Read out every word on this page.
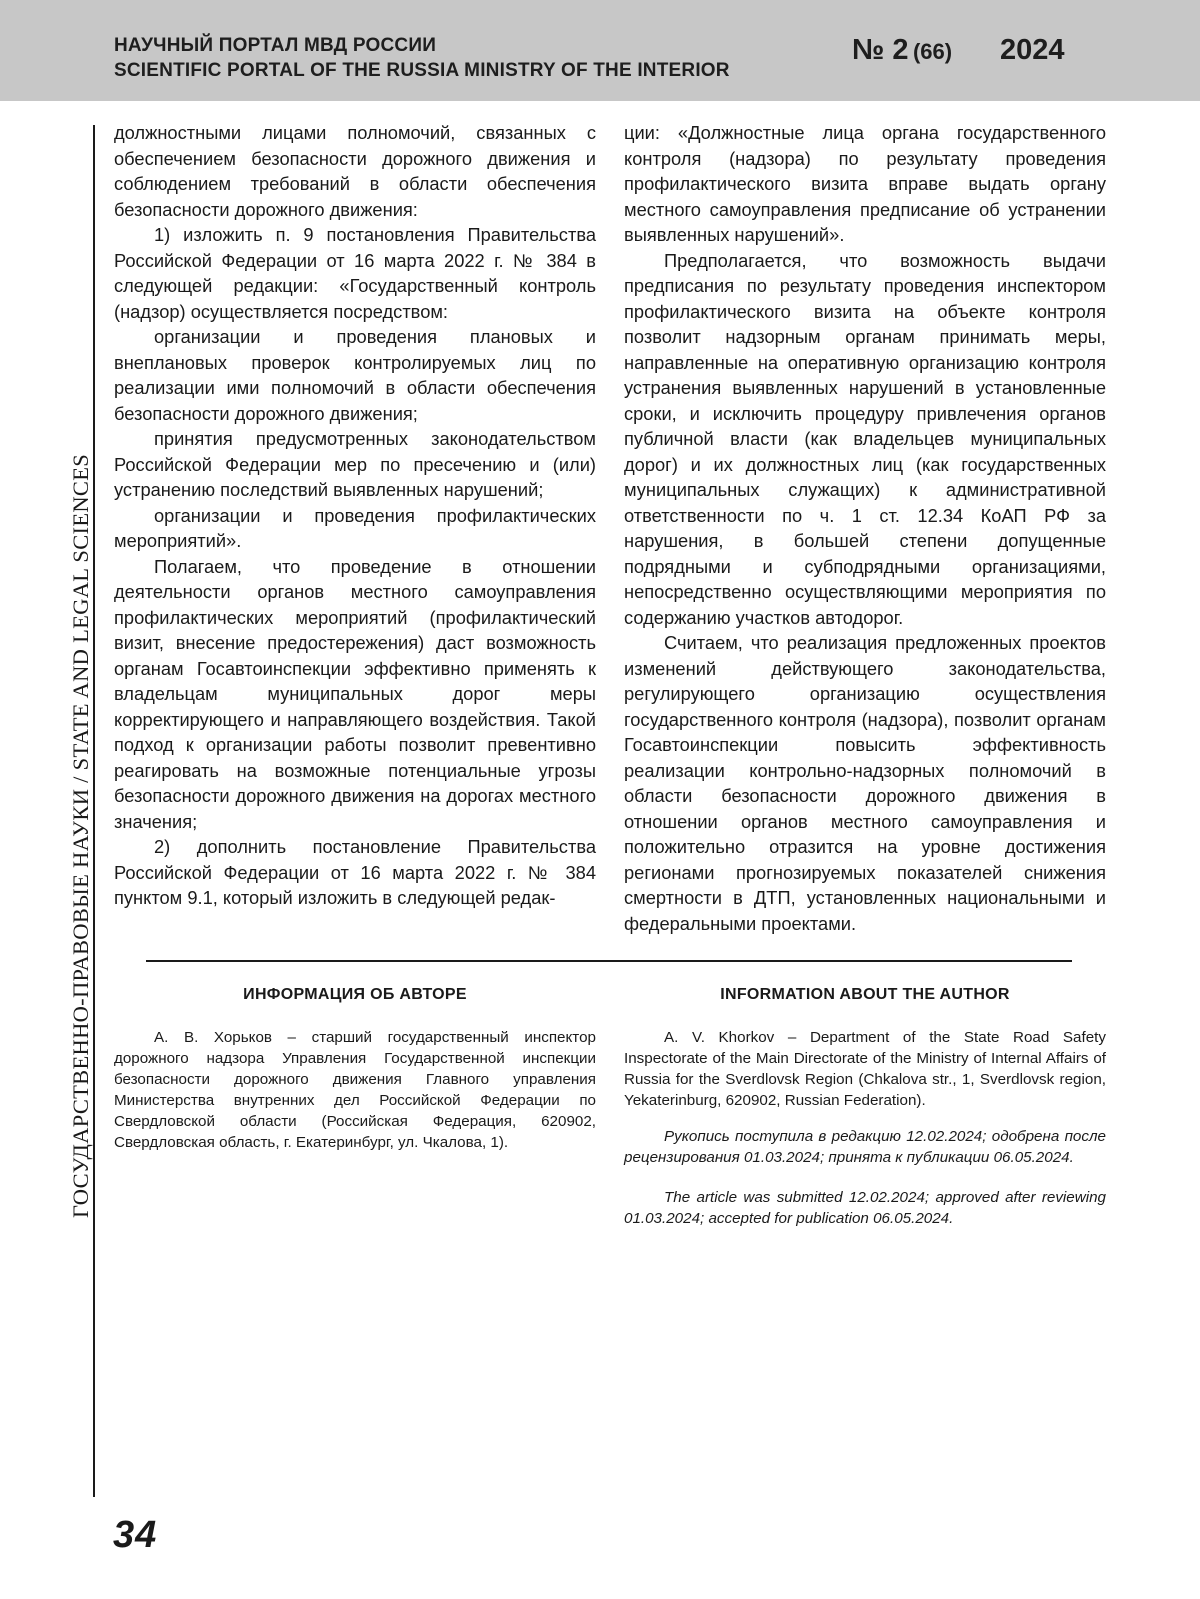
НАУЧНЫЙ ПОРТАЛ МВД РОССИИ
SCIENTIFIC PORTAL OF THE RUSSIA MINISTRY OF THE INTERIOR
№ 2 (66) 2024
ГОСУДАРСТВЕННО-ПРАВОВЫЕ НАУКИ / STATE AND LEGAL SCIENCES

должностными лицами полномочий, связанных с обеспечением безопасности дорожного движения и соблюдением требований в области обеспечения безопасности дорожного движения:

1) изложить п. 9 постановления Правительства Российской Федерации от 16 марта 2022 г. № 384 в следующей редакции: «Государственный контроль (надзор) осуществляется посредством:

организации и проведения плановых и внеплановых проверок контролируемых лиц по реализации ими полномочий в области обеспечения безопасности дорожного движения;

принятия предусмотренных законодательством Российской Федерации мер по пресечению и (или) устранению последствий выявленных нарушений;

организации и проведения профилактических мероприятий».

Полагаем, что проведение в отношении деятельности органов местного самоуправления профилактических мероприятий (профилактический визит, внесение предостережения) даст возможность органам Госавтоинспекции эффективно применять к владельцам муниципальных дорог меры корректирующего и направляющего воздействия. Такой подход к организации работы позволит превентивно реагировать на возможные потенциальные угрозы безопасности дорожного движения на дорогах местного значения;

2) дополнить постановление Правительства Российской Федерации от 16 марта 2022 г. № 384 пунктом 9.1, который изложить в следующей редак-

ции: «Должностные лица органа государственного контроля (надзора) по результату проведения профилактического визита вправе выдать органу местного самоуправления предписание об устранении выявленных нарушений».

Предполагается, что возможность выдачи предписания по результату проведения инспектором профилактического визита на объекте контроля позволит надзорным органам принимать меры, направленные на оперативную организацию контроля устранения выявленных нарушений в установленные сроки, и исключить процедуру привлечения органов публичной власти (как владельцев муниципальных дорог) и их должностных лиц (как государственных муниципальных служащих) к административной ответственности по ч. 1 ст. 12.34 КоАП РФ за нарушения, в большей степени допущенные подрядными и субподрядными организациями, непосредственно осуществляющими мероприятия по содержанию участков автодорог.

Считаем, что реализация предложенных проектов изменений действующего законодательства, регулирующего организацию осуществления государственного контроля (надзора), позволит органам Госавтоинспекции повысить эффективность реализации контрольно-надзорных полномочий в области безопасности дорожного движения в отношении органов местного самоуправления и положительно отразится на уровне достижения регионами прогнозируемых показателей снижения смертности в ДТП, установленных национальными и федеральными проектами.

ИНФОРМАЦИЯ ОБ АВТОРЕ	INFORMATION ABOUT THE AUTHOR

А. В. Хорьков – старший государственный инспектор дорожного надзора Управления Государственной инспекции безопасности дорожного движения Главного управления Министерства внутренних дел Российской Федерации по Свердловской области (Российская Федерация, 620902, Свердловская область, г. Екатеринбург, ул. Чкалова, 1).

A. V. Khorkov – Department of the State Road Safety Inspectorate of the Main Directorate of the Ministry of Internal Affairs of Russia for the Sverdlovsk Region (Chkalova str., 1, Sverdlovsk region, Yekaterinburg, 620902, Russian Federation).

Рукопись поступила в редакцию 12.02.2024; одобрена после рецензирования 01.03.2024; принята к публикации 06.05.2024.

The article was submitted 12.02.2024; approved after reviewing 01.03.2024; accepted for publication 06.05.2024.

34
